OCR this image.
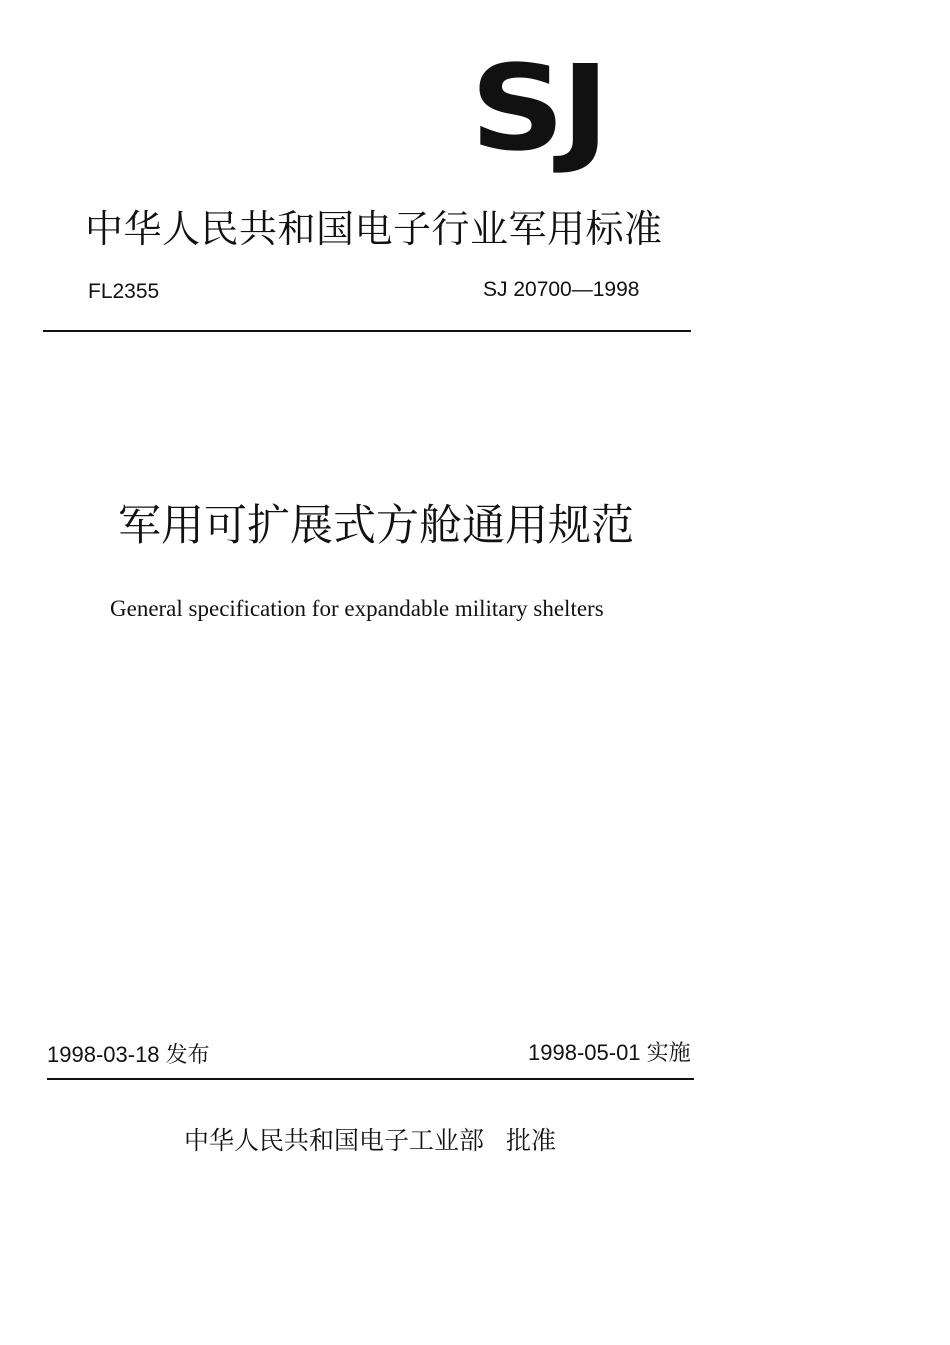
SJ
中华人民共和国电子行业军用标准
FL2355	SJ 20700—1998
军用可扩展式方舱通用规范
General specification for expandable military shelters
1998-03-18 发布	1998-05-01 实施
中华人民共和国电子工业部 批准
